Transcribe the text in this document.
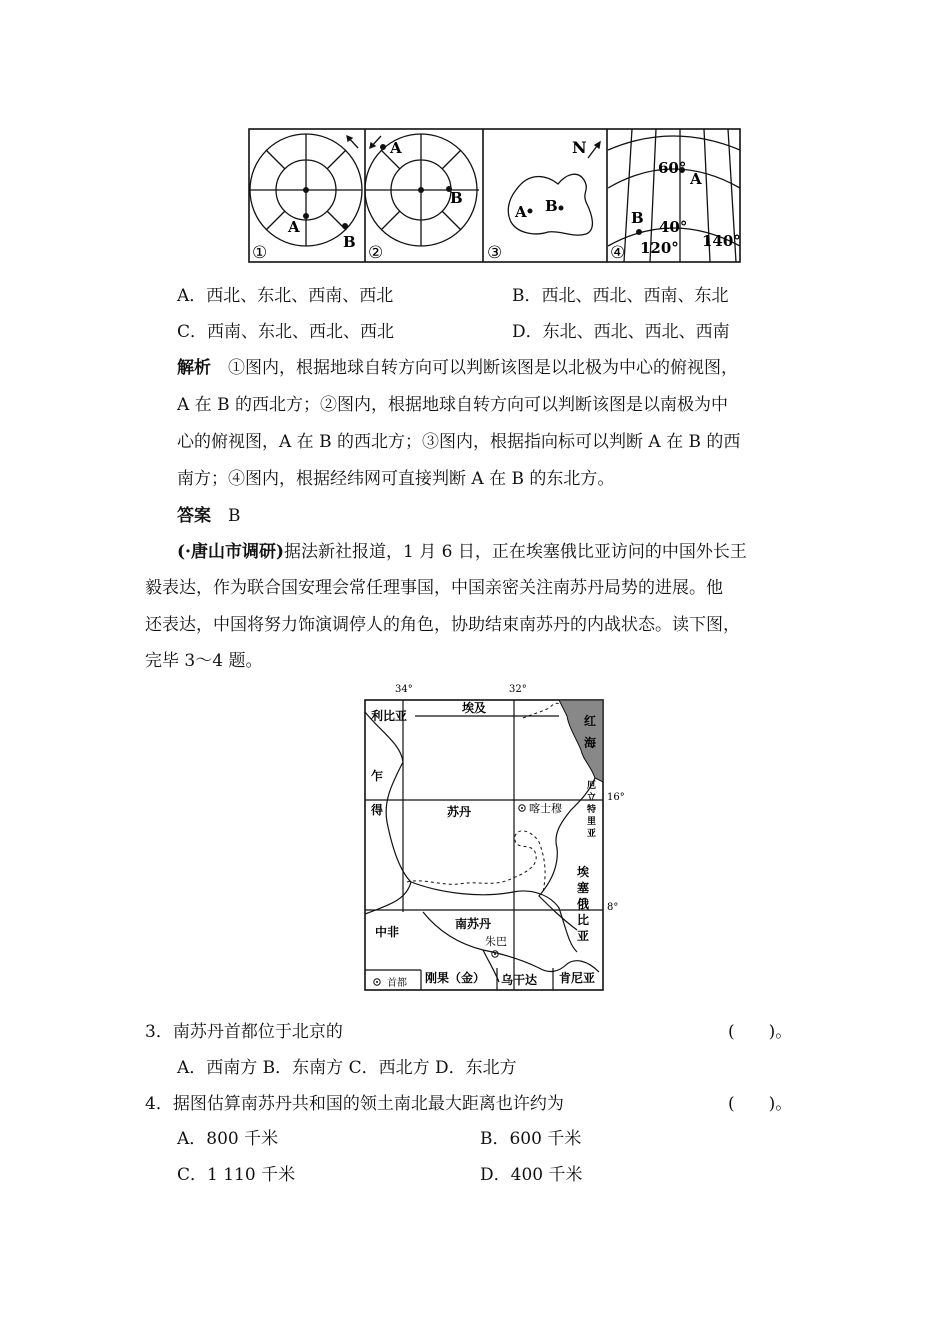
A
B
①
A
B
②
N
A B
③
60°
A
B 40°
120° 140°
④
A．西北、东北、西南、西北	B．西北、西北、西南、东北
C．西南、东北、西北、西北	D．东北、西北、西北、西南
解析　 ①图内，根据地球自转方向可以判断该图是以北极为中心的俯视图，
A 在 B 的西北方；②图内，根据地球自转方向可以判断该图是以南极为中
心的俯视图，A 在 B 的西北方；③图内，根据指向标可以判断 A 在 B 的西
南方；④图内，根据经纬网可直接判断 A 在 B 的东北方。
答案　 B
(·唐山市调研)据法新社报道，1 月 6 日，正在埃塞俄比亚访问的中国外长王
毅表达，作为联合国安理会常任理事国，中国亲密关注南苏丹局势的进展。他
还表达，中国将努力饰演调停人的角色，协助结束南苏丹的内战状态。读下图，
完毕 3～4 题。
34°	32°
利比亚
埃及
红
海
厄
立
特
里
亚
16°
8°
乍
得	苏丹	喀士穆
埃
塞
俄
比
亚
中非
南苏丹
朱巴
首都 刚果（金） 乌干达 肯尼亚
3．南苏丹首都位于北京的	(　　)。
A．西南方 B．东南方 C．西北方 D．东北方
4．据图估算南苏丹共和国的领土南北最大距离也许约为	(　　)。
A．800 千米	B．600 千米
C．1 110 千米	D．400 千米
